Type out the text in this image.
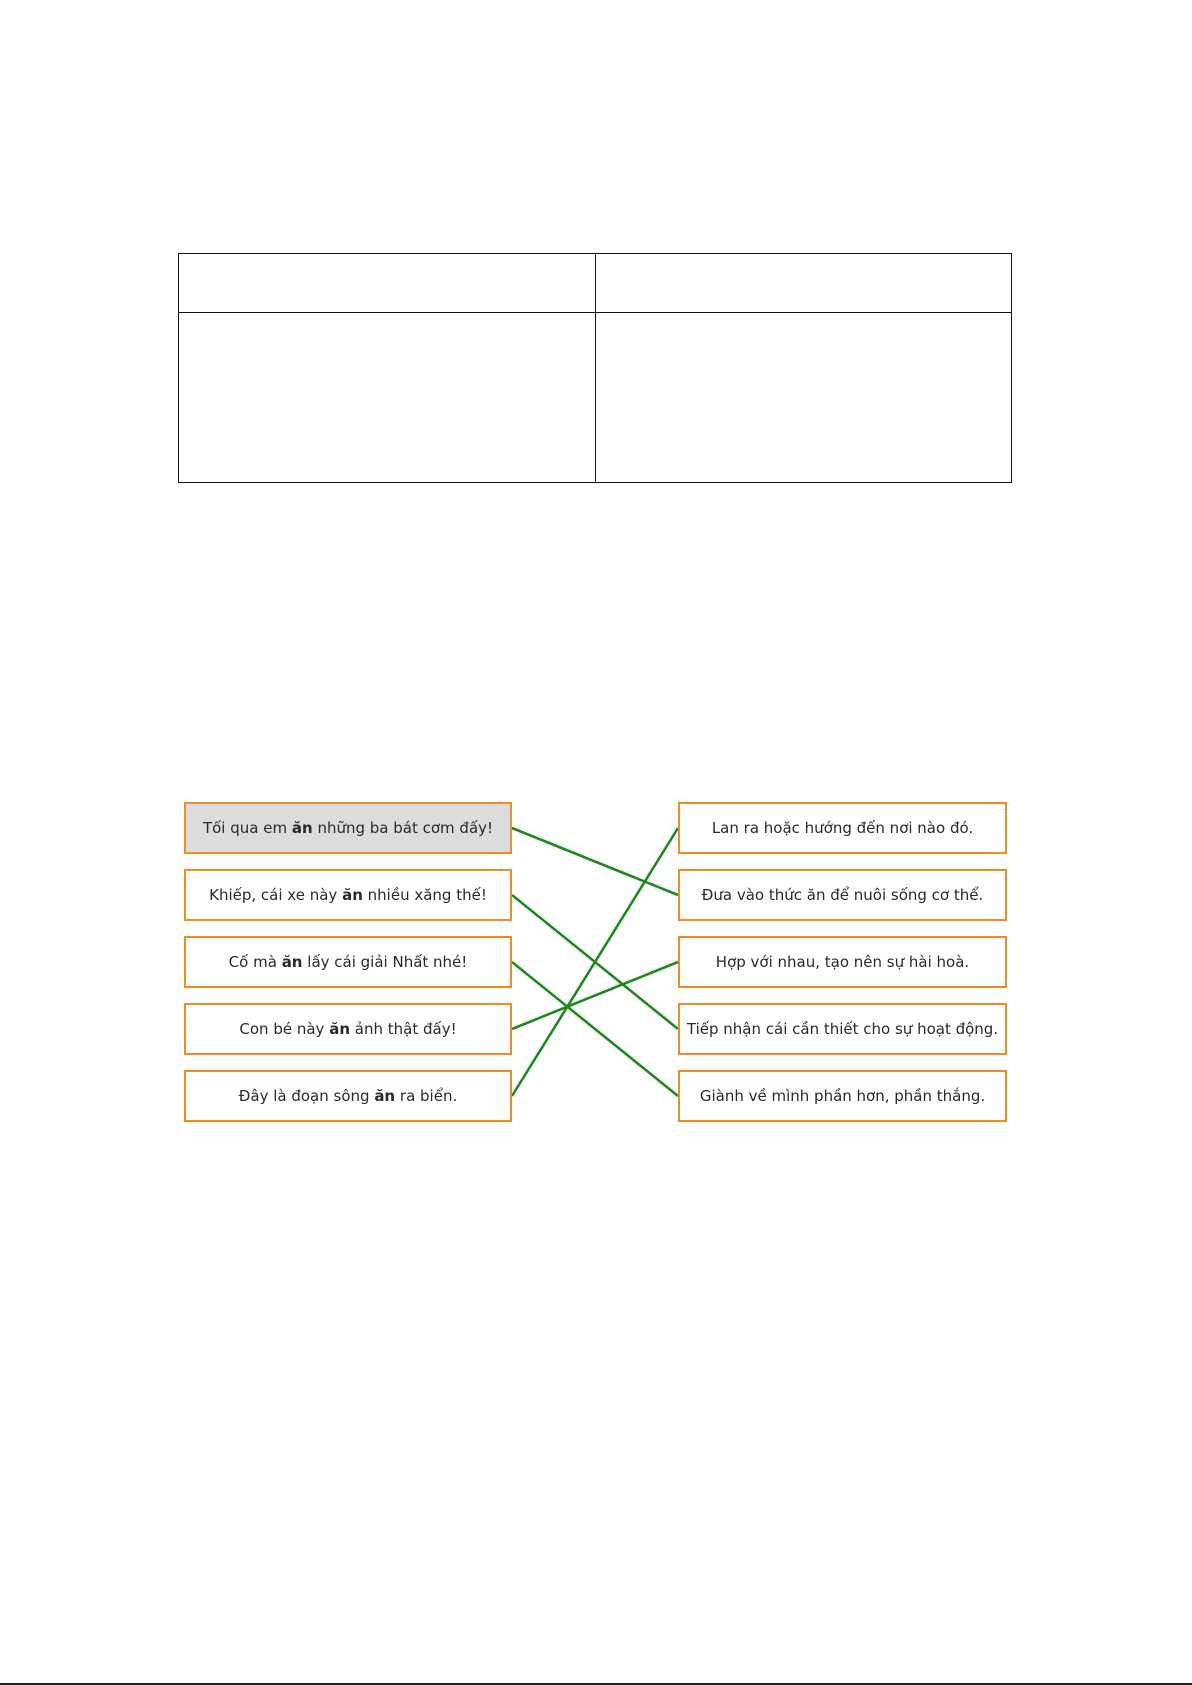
Tối qua em
ăn
những ba bát cơm đấy!
Khiếp, cái xe này
ăn
nhiều xăng thế!
Cố mà
ăn
lấy cái giải Nhất nhé!
Con bé này
ăn
ảnh thật đấy!
Đây là đoạn sông
ăn
ra biển.
Lan ra hoặc hướng đến nơi nào đó.
Đưa vào thức ăn để nuôi sống cơ thể.
Hợp với nhau, tạo nên sự hài hoà.
Tiếp nhận cái cần thiết cho sự hoạt động.
Giành về mình phần hơn, phần thắng.
